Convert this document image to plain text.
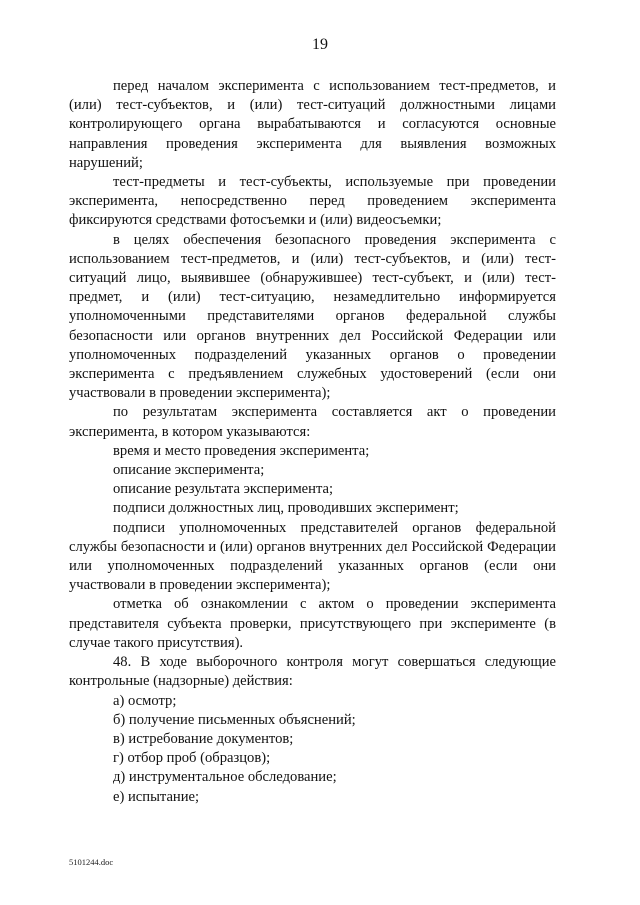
19

перед началом эксперимента с использованием тест-предметов, и (или) тест-субъектов, и (или) тест-ситуаций должностными лицами контролирующего органа вырабатываются и согласуются основные направления проведения эксперимента для выявления возможных нарушений;

тест-предметы и тест-субъекты, используемые при проведении эксперимента, непосредственно перед проведением эксперимента фиксируются средствами фотосъемки и (или) видеосъемки;

в целях обеспечения безопасного проведения эксперимента с использованием тест-предметов, и (или) тест-субъектов, и (или) тест-ситуаций лицо, выявившее (обнаружившее) тест-субъект, и (или) тест-предмет, и (или) тест-ситуацию, незамедлительно информируется уполномоченными представителями органов федеральной службы безопасности или органов внутренних дел Российской Федерации или уполномоченных подразделений указанных органов о проведении эксперимента с предъявлением служебных удостоверений (если они участвовали в проведении эксперимента);

по результатам эксперимента составляется акт о проведении эксперимента, в котором указываются:

время и место проведения эксперимента;

описание эксперимента;

описание результата эксперимента;

подписи должностных лиц, проводивших эксперимент;

подписи уполномоченных представителей органов федеральной службы безопасности и (или) органов внутренних дел Российской Федерации или уполномоченных подразделений указанных органов (если они участвовали в проведении эксперимента);

отметка об ознакомлении с актом о проведении эксперимента представителя субъекта проверки, присутствующего при эксперименте (в случае такого присутствия).

48. В ходе выборочного контроля могут совершаться следующие контрольные (надзорные) действия:

а) осмотр;

б) получение письменных объяснений;

в) истребование документов;

г) отбор проб (образцов);

д) инструментальное обследование;

е) испытание;

5101244.doc
